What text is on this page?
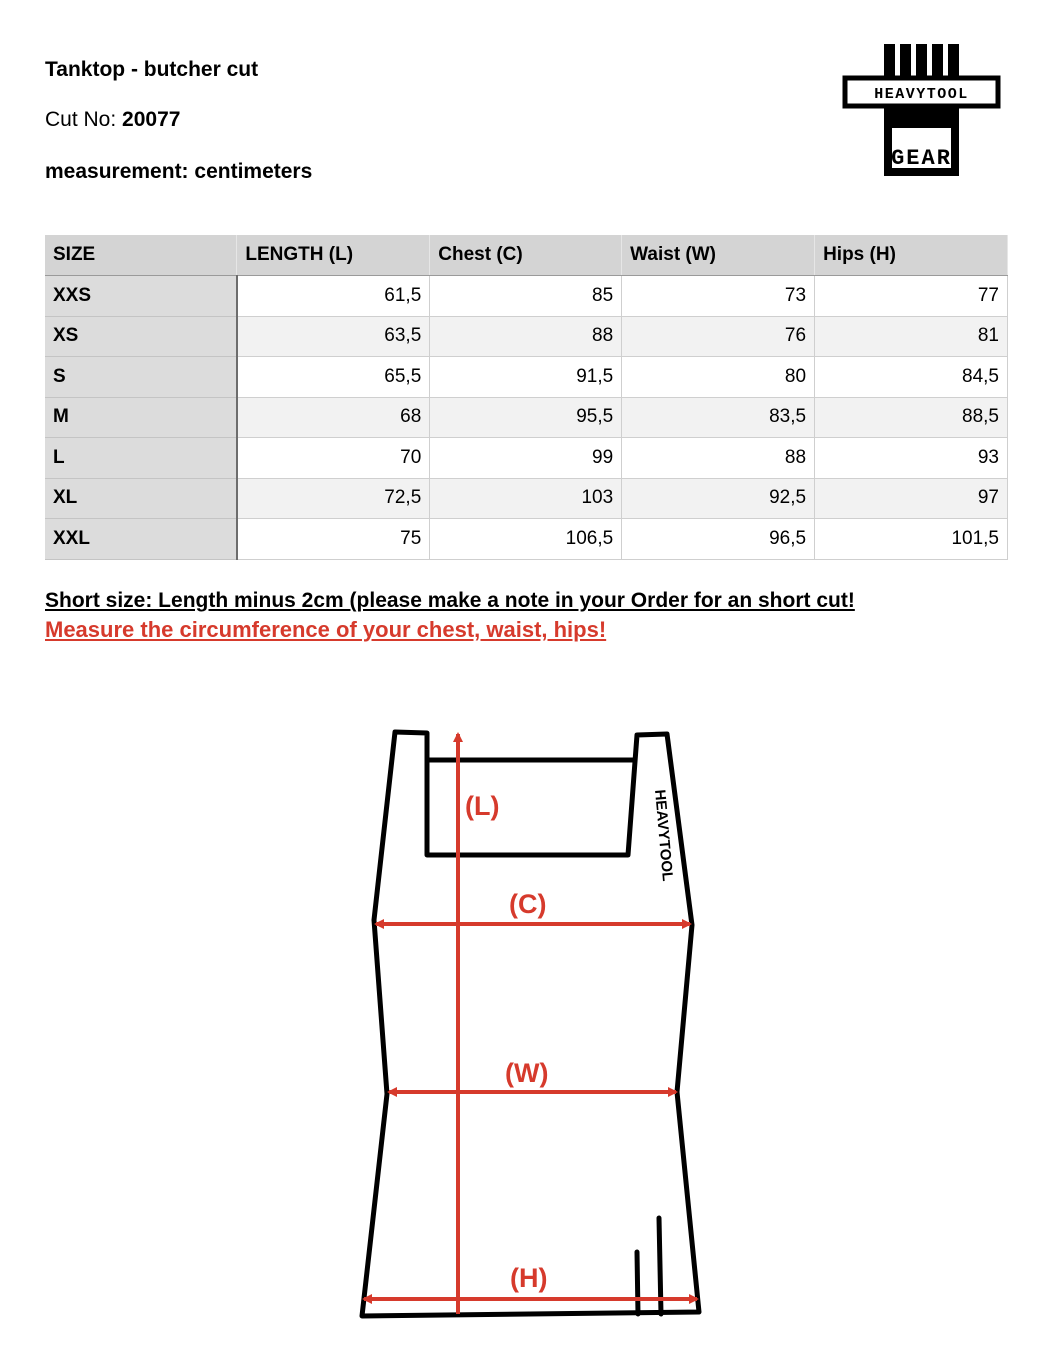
Tanktop - butcher cut
Cut No: 20077
measurement: centimeters
HEAVYTOOL
GEAR
SIZE	LENGTH (L)	Chest (C)	Waist (W)	Hips (H)
XXS	61,5	85	73	77
XS	63,5	88	76	81
S	65,5	91,5	80	84,5
M	68	95,5	83,5	88,5
L	70	99	88	93
XL	72,5	103	92,5	97
XXL	75	106,5	96,5	101,5
Short size: Length minus 2cm (please make a note in your Order for an short cut!
Measure the circumference of your chest, waist, hips!
(L)
(C)
(W)
(H)
HEAVYTOOL
